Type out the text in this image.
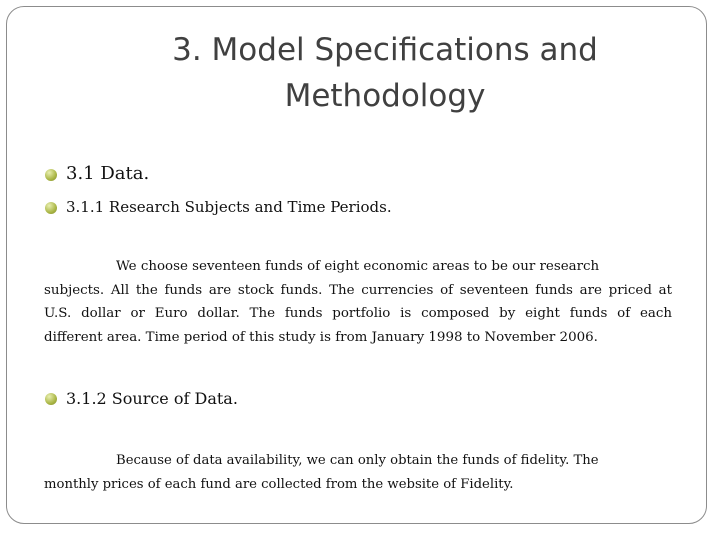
3. Model Specifications and
Methodology
3.1 Data.
3.1.1 Research Subjects and Time Periods.
We choose seventeen funds of eight economic areas to be our research
subjects. All the funds are stock funds. The currencies of seventeen funds are priced at
U.S. dollar or Euro dollar. The funds portfolio is composed by eight funds of each
different area. Time period of this study is from January 1998 to November 2006.
3.1.2 Source of Data.
Because of data availability, we can only obtain the funds of fidelity. The
monthly prices of each fund are collected from the website of Fidelity.
